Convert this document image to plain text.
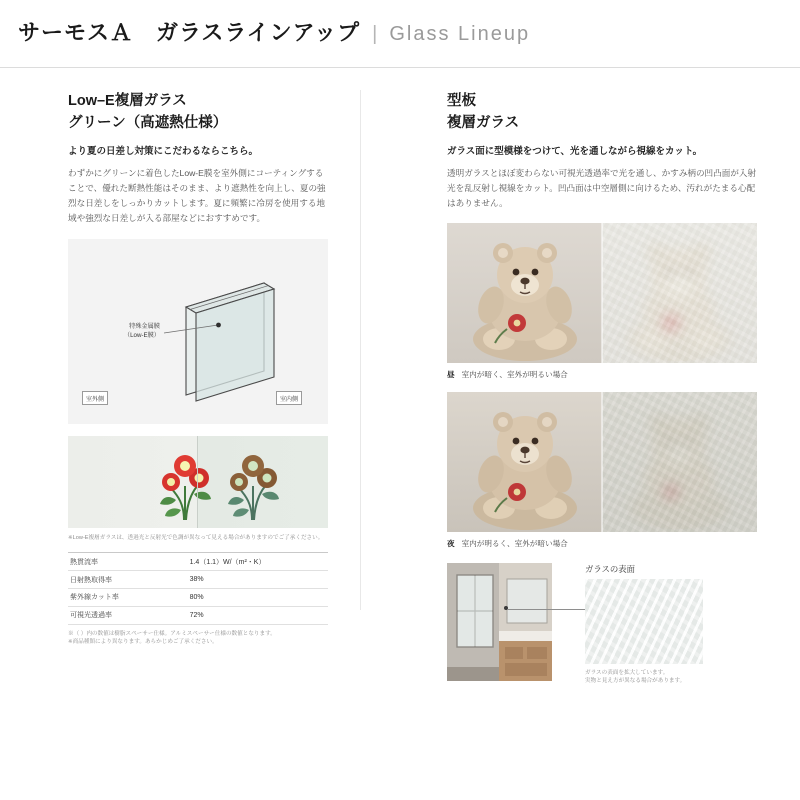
サーモスＡ　ガラスラインアップ | Glass Lineup
Low–E複層ガラス
グリーン（高遮熱仕様）

より夏の日差し対策にこだわるならこちら。

わずかにグリーンに着色したLow-E膜を室外側にコーティングすることで、優れた断熱性能はそのまま、より遮熱性を向上し、夏の強烈な日差しをしっかりカットします。夏に頻繁に冷房を使用する地域や強烈な日差しが入る部屋などにおすすめです。

特殊金属膜
（Low-E膜）
室外側	室内側

※Low-E複層ガラスは、透過光と反射光で色調が異なって見える場合がありますのでご了承ください。

熱貫流率	1.4（1.1）W/（m²・K）
日射熱取得率	38%
紫外線カット率	80%
可視光透過率	72%
※（ ）内の数値は樹脂スペーサー仕様。アルミスペーサー仕様の数値となります。
※商品種類により異なります。あらかじめご了承ください。
型板
複層ガラス

ガラス面に型模様をつけて、光を通しながら視線をカット。

透明ガラスとほぼ変わらない可視光透過率で光を通し、かすみ柄の凹凸面が入射光を乱反射し視線をカット。凹凸面は中空層側に向けるため、汚れがたまる心配はありません。

昼 室内が暗く、室外が明るい場合

夜 室内が明るく、室外が暗い場合

ガラスの表面
ガラスの表面を拡大しています。
実物と見え方が異なる場合があります。
